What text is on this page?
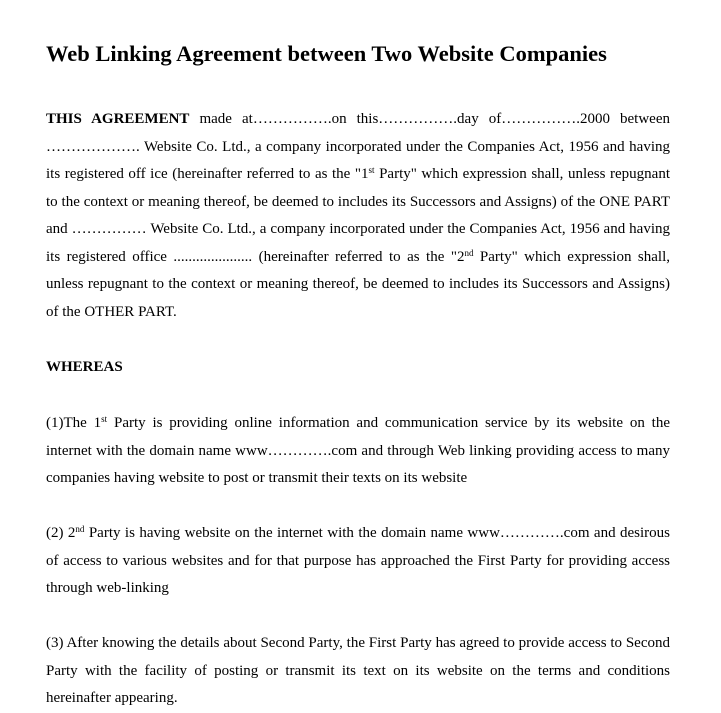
Web Linking Agreement between Two Website Companies

THIS AGREEMENT made at…………….on this…………….day of…………….2000 between ………………. Website Co. Ltd., a company incorporated under the Companies Act, 1956 and having its registered off ice (hereinafter referred to as the "1st Party" which expression shall, unless repugnant to the context or meaning thereof, be deemed to includes its Successors and Assigns) of the ONE PART and …………… Website Co. Ltd., a company incorporated under the Companies Act, 1956 and having its registered office ..................... (hereinafter referred to as the "2nd Party" which expression shall, unless repugnant to the context or meaning thereof, be deemed to includes its Successors and Assigns) of the OTHER PART.

WHEREAS

(1)The 1st Party is providing online information and communication service by its website on the internet with the domain name www………….com and through Web linking providing access to many companies having website to post or transmit their texts on its website

(2) 2nd Party is having website on the internet with the domain name www………….com and desirous of access to various websites and for that purpose has approached the First Party for providing access through web-linking

(3) After knowing the details about Second Party, the First Party has agreed to provide access to Second Party with the facility of posting or transmit its text on its website on the terms and conditions hereinafter appearing.
